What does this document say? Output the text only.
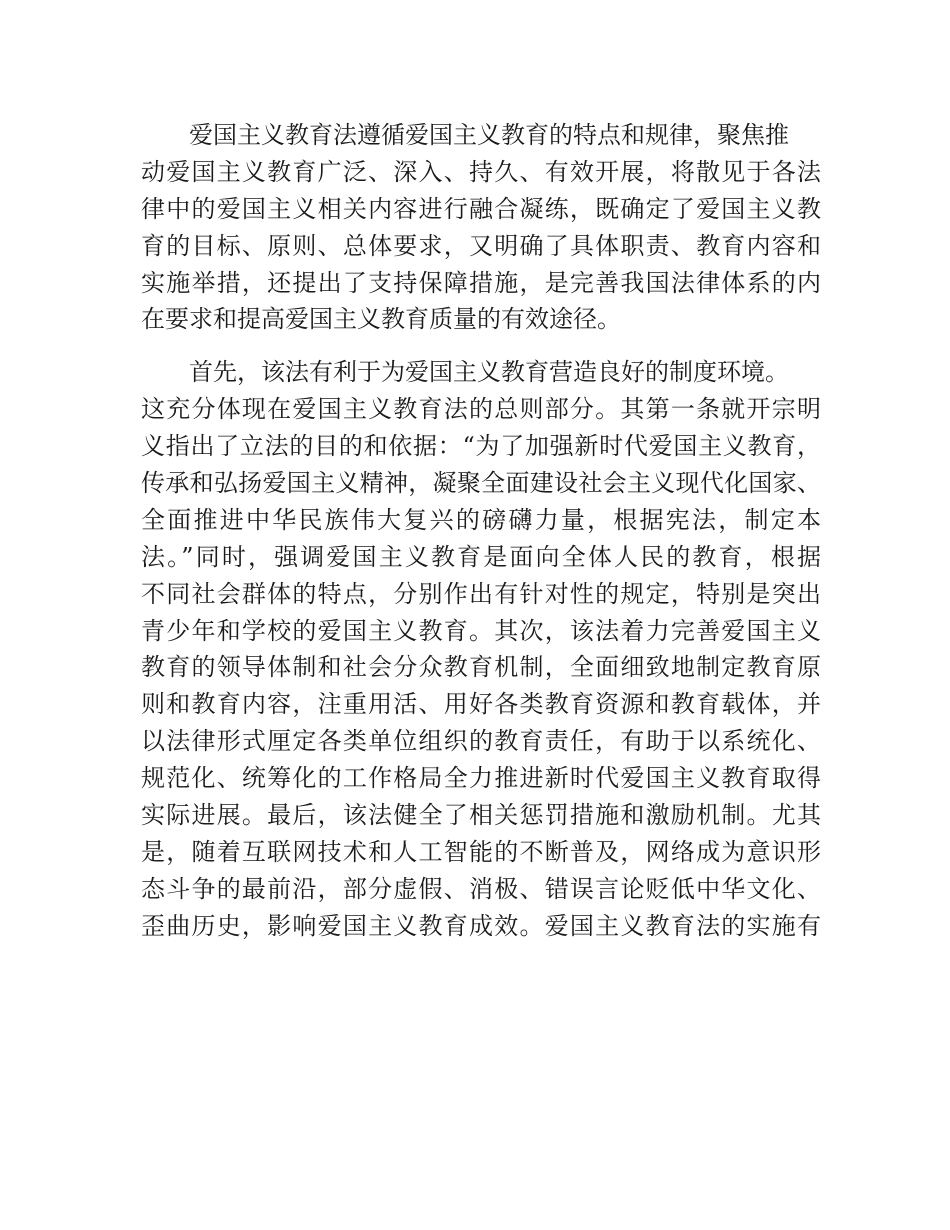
爱国主义教育法遵循爱国主义教育的特点和规律，聚焦推
动爱国主义教育广泛、深入、持久、有效开展，将散见于各法
律中的爱国主义相关内容进行融合凝练，既确定了爱国主义教
育的目标、原则、总体要求，又明确了具体职责、教育内容和
实施举措，还提出了支持保障措施，是完善我国法律体系的内
在要求和提高爱国主义教育质量的有效途径。
首先，该法有利于为爱国主义教育营造良好的制度环境。
这充分体现在爱国主义教育法的总则部分。其第一条就开宗明
义指出了立法的目的和依据：“为了加强新时代爱国主义教育，
传承和弘扬爱国主义精神，凝聚全面建设社会主义现代化国家、
全面推进中华民族伟大复兴的磅礴力量，根据宪法，制定本
法。”同时，强调爱国主义教育是面向全体人民的教育，根据
不同社会群体的特点，分别作出有针对性的规定，特别是突出
青少年和学校的爱国主义教育。其次，该法着力完善爱国主义
教育的领导体制和社会分众教育机制，全面细致地制定教育原
则和教育内容，注重用活、用好各类教育资源和教育载体，并
以法律形式厘定各类单位组织的教育责任，有助于以系统化、
规范化、统筹化的工作格局全力推进新时代爱国主义教育取得
实际进展。最后，该法健全了相关惩罚措施和激励机制。尤其
是，随着互联网技术和人工智能的不断普及，网络成为意识形
态斗争的最前沿，部分虚假、消极、错误言论贬低中华文化、
歪曲历史，影响爱国主义教育成效。爱国主义教育法的实施有
